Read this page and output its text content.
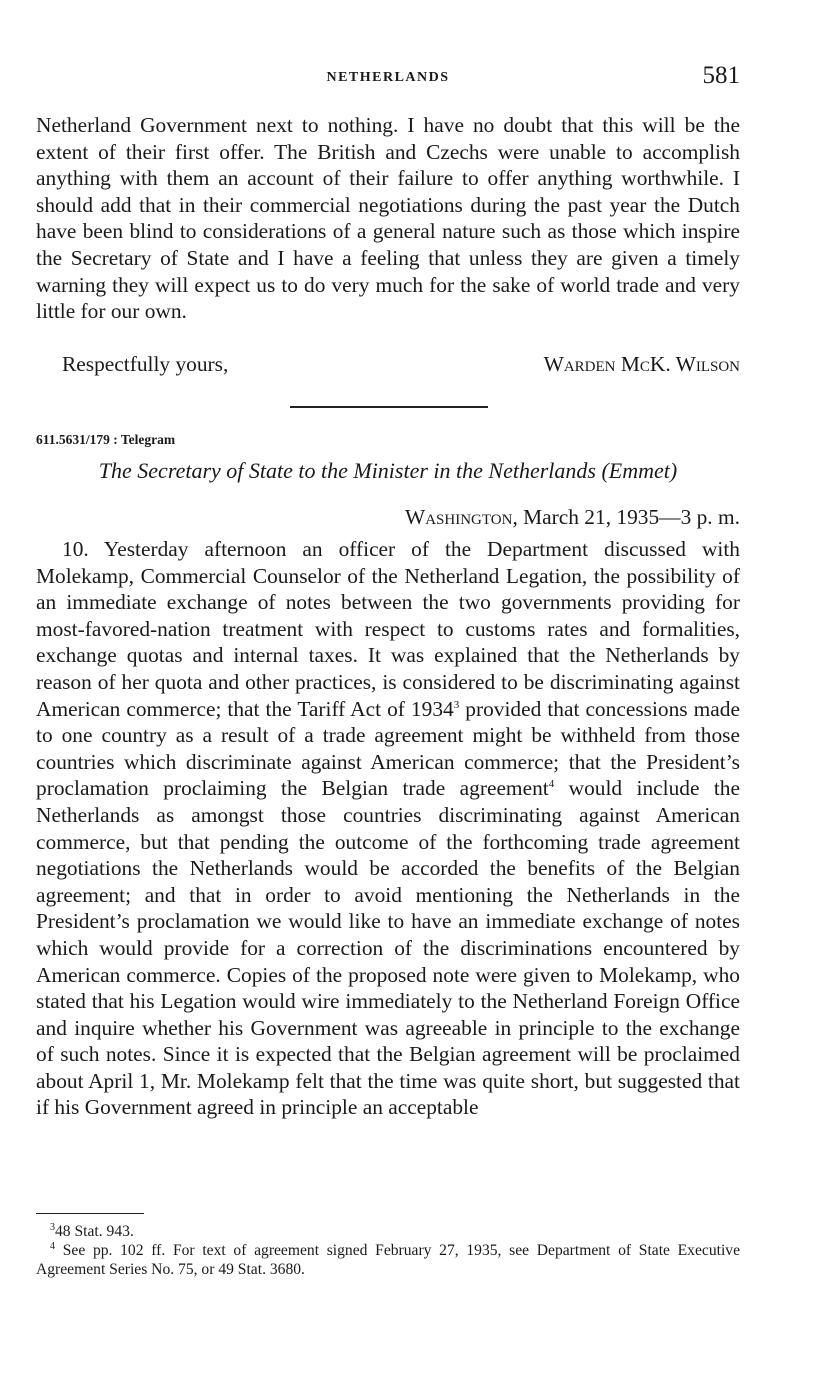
NETHERLANDS	581

Netherland Government next to nothing. I have no doubt that this will be the extent of their first offer. The British and Czechs were unable to accomplish anything with them an account of their failure to offer anything worthwhile. I should add that in their commercial negotiations during the past year the Dutch have been blind to considerations of a general nature such as those which inspire the Secretary of State and I have a feeling that unless they are given a timely warning they will expect us to do very much for the sake of world trade and very little for our own.

Respectfully yours,	Warden McK. Wilson
611.5631/179 : Telegram
The Secretary of State to the Minister in the Netherlands (Emmet)
Washington, March 21, 1935—3 p. m.

10. Yesterday afternoon an officer of the Department discussed with Molekamp, Commercial Counselor of the Netherland Legation, the possibility of an immediate exchange of notes between the two governments providing for most-favored-nation treatment with respect to customs rates and formalities, exchange quotas and internal taxes. It was explained that the Netherlands by reason of her quota and other practices, is considered to be discriminating against American commerce; that the Tariff Act of 1934$^3$ provided that concessions made to one country as a result of a trade agreement might be withheld from those countries which discriminate against American commerce; that the President’s proclamation proclaiming the Belgian trade agreement$^4$ would include the Netherlands as amongst those countries discriminating against American commerce, but that pending the outcome of the forthcoming trade agreement negotiations the Netherlands would be accorded the benefits of the Belgian agreement; and that in order to avoid mentioning the Netherlands in the President’s proclamation we would like to have an immediate exchange of notes which would provide for a correction of the discriminations encountered by American commerce. Copies of the proposed note were given to Molekamp, who stated that his Legation would wire immediately to the Netherland Foreign Office and inquire whether his Government was agreeable in principle to the exchange of such notes. Since it is expected that the Belgian agreement will be proclaimed about April 1, Mr. Molekamp felt that the time was quite short, but suggested that if his Government agreed in principle an acceptable

$^3$48 Stat. 943.

$^4$ See pp. 102 ff. For text of agreement signed February 27, 1935, see Department of State Executive Agreement Series No. 75, or 49 Stat. 3680.
